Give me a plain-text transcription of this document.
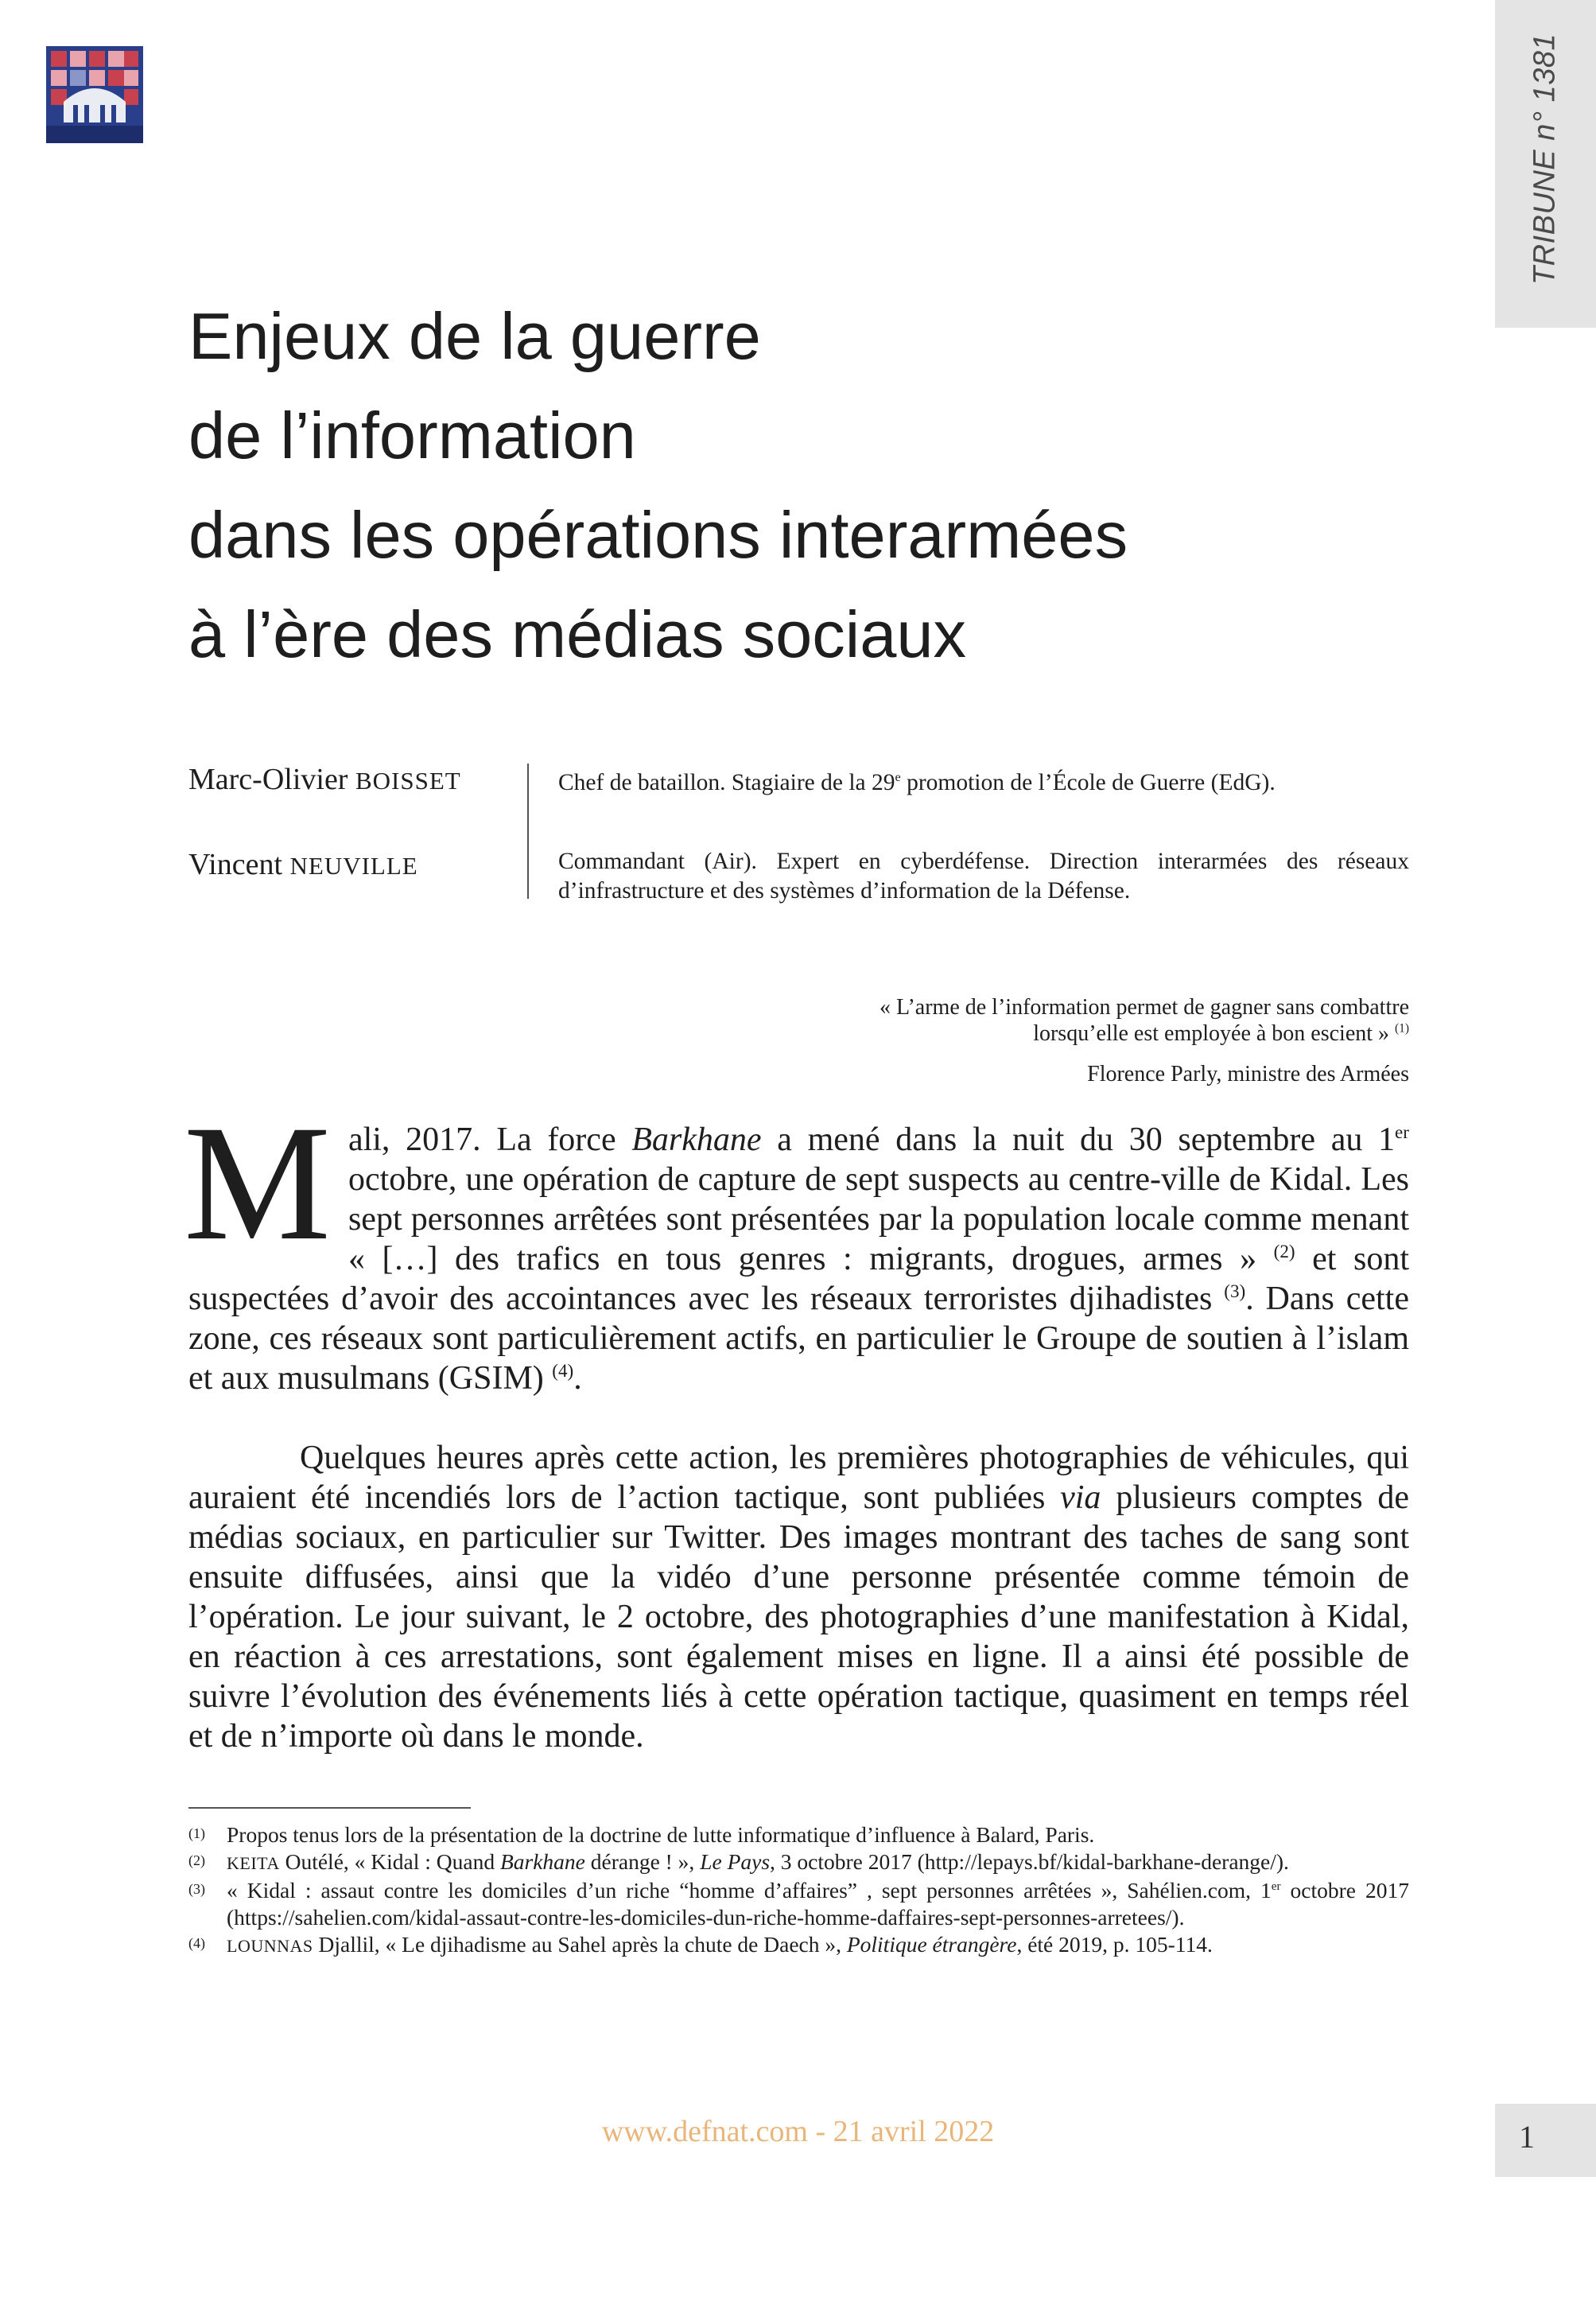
TRIBUNE n° 1381
Enjeux de la guerre
de l’information
dans les opérations interarmées
à l’ère des médias sociaux
Marc-Olivier BOISSET	Chef de bataillon. Stagiaire de la 29e promotion de l’École de Guerre (EdG).
Vincent NEUVILLE	Commandant (Air). Expert en cyberdéfense. Direction interarmées des réseaux d’infrastructure et des systèmes d’information de la Défense.
« L’arme de l’information permet de gagner sans combattre
lorsqu’elle est employée à bon escient » $^{(1)}$
Florence Parly, ministre des Armées

Mali, 2017. La force Barkhane a mené dans la nuit du 30 septembre au 1er octobre, une opération de capture de sept suspects au centre-ville de Kidal. Les sept personnes arrêtées sont présentées par la population locale comme menant « […] des trafics en tous genres : migrants, drogues, armes » $^{(2)}$ et sont suspectées d’avoir des accointances avec les réseaux terroristes djihadistes $^{(3)}$. Dans cette zone, ces réseaux sont particulièrement actifs, en particulier le Groupe de soutien à l’islam et aux musulmans (GSIM) $^{(4)}$.

Quelques heures après cette action, les premières photographies de véhicules, qui auraient été incendiés lors de l’action tactique, sont publiées via plusieurs comptes de médias sociaux, en particulier sur Twitter. Des images montrant des taches de sang sont ensuite diffusées, ainsi que la vidéo d’une personne présentée comme témoin de l’opération. Le jour suivant, le 2 octobre, des photographies d’une manifestation à Kidal, en réaction à ces arrestations, sont également mises en ligne. Il a ainsi été possible de suivre l’évolution des événements liés à cette opération tactique, quasiment en temps réel et de n’importe où dans le monde.

(1) Propos tenus lors de la présentation de la doctrine de lutte informatique d’influence à Balard, Paris.

(2) KEITA Outélé, « Kidal : Quand Barkhane dérange ! », Le Pays, 3 octobre 2017 (http://lepays.bf/kidal-barkhane-derange/).

(3) « Kidal : assaut contre les domiciles d’un riche “homme d’affaires” , sept personnes arrêtées », Sahélien.com, 1er octobre 2017 (https://sahelien.com/kidal-assaut-contre-les-domiciles-dun-riche-homme-daffaires-sept-personnes-arretees/).

(4) LOUNNAS Djallil, « Le djihadisme au Sahel après la chute de Daech », Politique étrangère, été 2019, p. 105-114.

www.defnat.com - 21 avril 2022	1
